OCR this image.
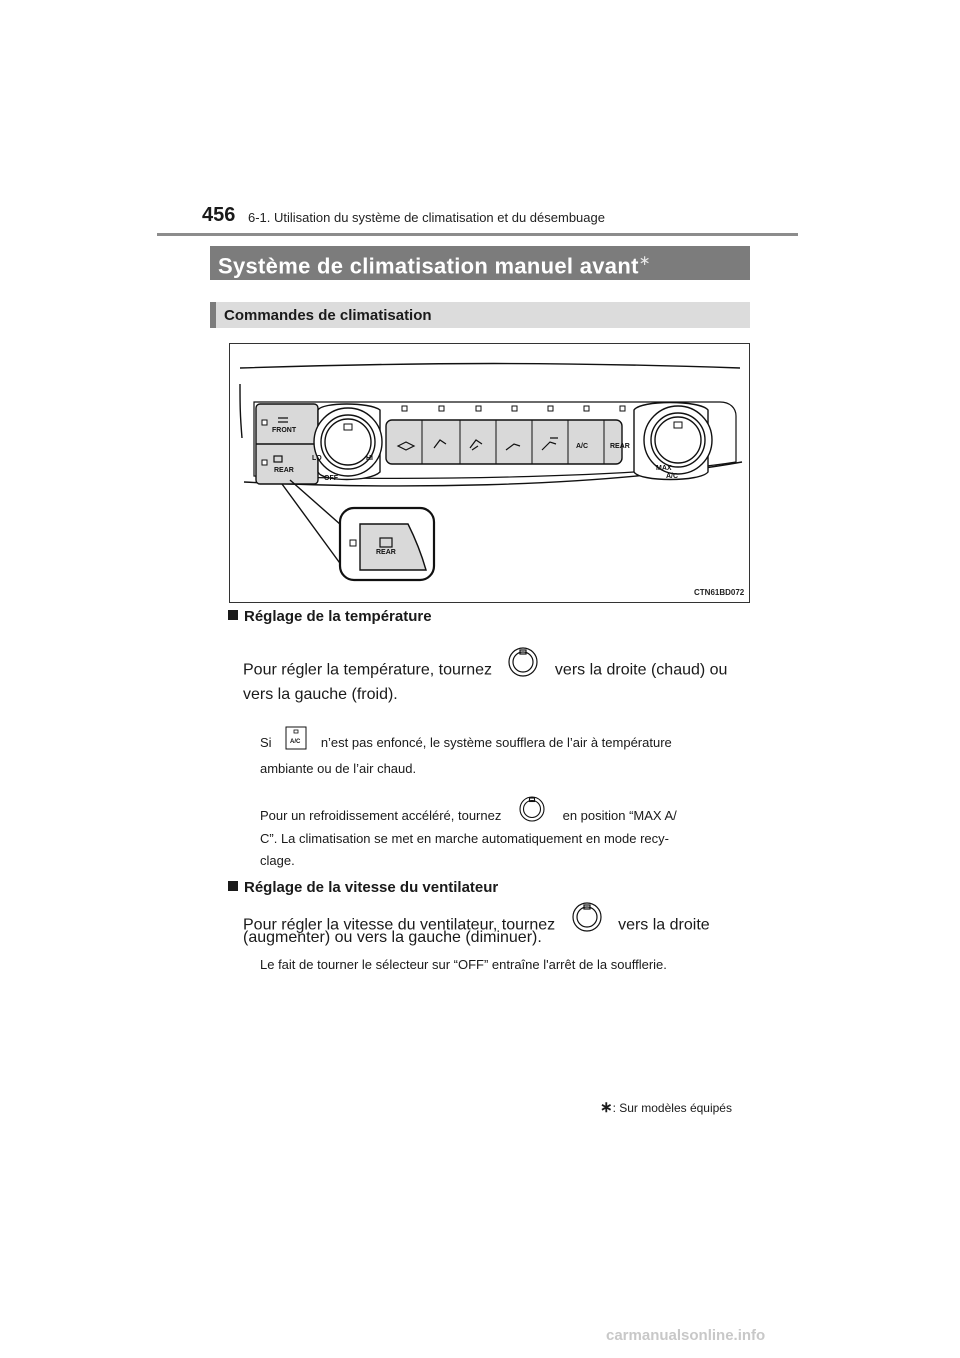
456 6-1. Utilisation du système de climatisation et du désembuage
Système de climatisation manuel avant∗
Commandes de climatisation
FRONT
REAR
LO	HI
OFF
A/C	REAR
MAX
A/C
REAR
CTN61BD072
Réglage de la température
Pour régler la température, tournez	vers la droite (chaud) ou
vers la gauche (froid).
Si	A/C n’est pas enfoncé, le système soufflera de l’air à température
ambiante ou de l’air chaud.
Pour un refroidissement accéléré, tournez	en position “MAX A/
C”. La climatisation se met en marche automatiquement en mode recy-
clage.
Réglage de la vitesse du ventilateur
Pour régler la vitesse du ventilateur, tournez	vers la droite
(augmenter) ou vers la gauche (diminuer).
Le fait de tourner le sélecteur sur “OFF” entraîne l'arrêt de la soufflerie.
∗: Sur modèles équipés
carmanualsonline.info
